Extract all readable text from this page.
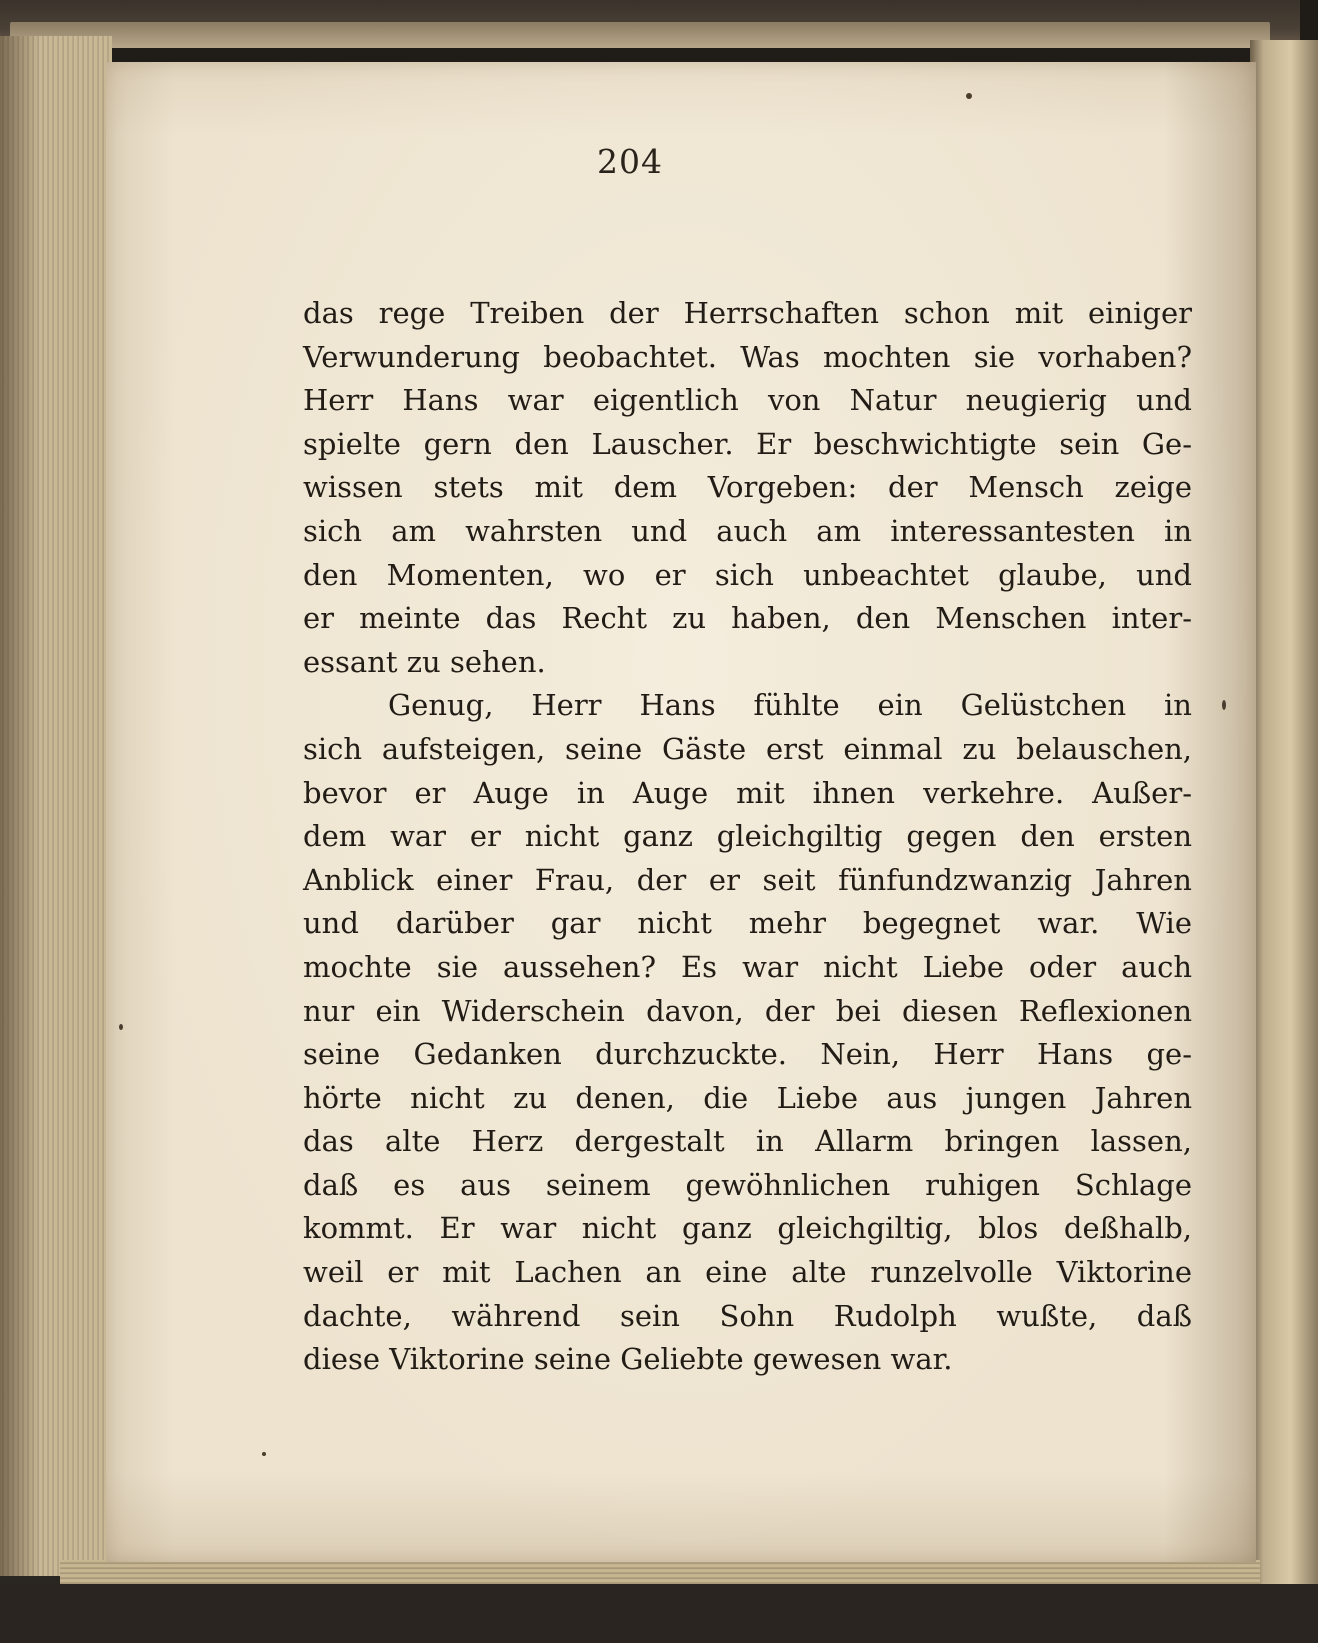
204
das rege Treiben der Herrschaften schon mit einiger
Verwunderung beobachtet. Was mochten sie vorhaben?
Herr Hans war eigentlich von Natur neugierig und
spielte gern den Lauscher. Er beschwichtigte sein Ge-
wissen stets mit dem Vorgeben: der Mensch zeige
sich am wahrsten und auch am interessantesten in
den Momenten, wo er sich unbeachtet glaube, und
er meinte das Recht zu haben, den Menschen inter-
essant zu sehen.
Genug, Herr Hans fühlte ein Gelüstchen in
sich aufsteigen, seine Gäste erst einmal zu belauschen,
bevor er Auge in Auge mit ihnen verkehre. Außer-
dem war er nicht ganz gleichgiltig gegen den ersten
Anblick einer Frau, der er seit fünfundzwanzig Jahren
und darüber gar nicht mehr begegnet war. Wie
mochte sie aussehen? Es war nicht Liebe oder auch
nur ein Widerschein davon, der bei diesen Reflexionen
seine Gedanken durchzuckte. Nein, Herr Hans ge-
hörte nicht zu denen, die Liebe aus jungen Jahren
das alte Herz dergestalt in Allarm bringen lassen,
daß es aus seinem gewöhnlichen ruhigen Schlage
kommt. Er war nicht ganz gleichgiltig, blos deßhalb,
weil er mit Lachen an eine alte runzelvolle Viktorine
dachte, während sein Sohn Rudolph wußte, daß
diese Viktorine seine Geliebte gewesen war.
